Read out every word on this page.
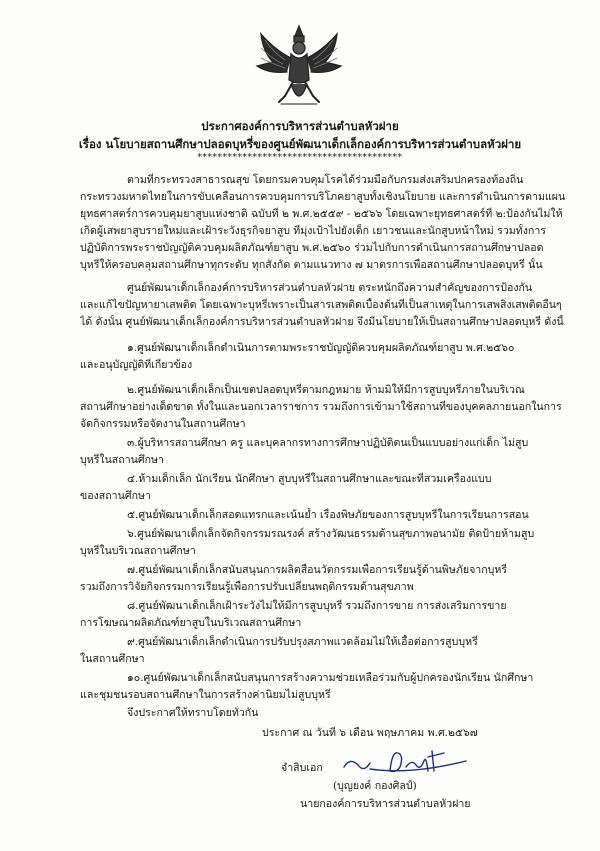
ประกาศองค์การบริหารส่วนตำบลหัวฝาย
เรื่อง นโยบายสถานศึกษาปลอดบุหรี่ของศูนย์พัฒนาเด็กเล็กองค์การบริหารส่วนตำบลหัวฝาย
*****************************************
ตามที่กระทรวงสาธารณสุข โดยกรมควบคุมโรคได้ร่วมมือกับกรมส่งเสริมปกครองท้องถิ่น
กระทรวงมหาดไทยในการขับเคลื่อนการควบคุมการบริโภคยาสูบทั้งเชิงนโยบาย และการดำเนินการตามแผน
ยุทธศาสตร์การควบคุมยาสูบแห่งชาติ ฉบับที่ ๒ พ.ศ.๒๕๕๙ - ๒๕๖๖ โดยเฉพาะยุทธศาสตร์ที่ ๒:ป้องกันไม่ให้
เกิดผู้เสพยาสูบรายใหม่และเฝ้าระวังธุรกิจยาสูบ ที่มุ่งเป้าไปยังเด็ก เยาวชนและนักสูบหน้าใหม่ รวมทั้งการ
ปฏิบัติการพระราชบัญญัติควบคุมผลิตภัณฑ์ยาสูบ พ.ศ.๒๕๖๐ ร่วมไปกับการดำเนินการสถานศึกษาปลอด
บุหรี่ให้ครอบคลุมสถานศึกษาทุกระดับ ทุกสังกัด ตามแนวทาง ๗ มาตรการเพื่อสถานศึกษาปลอดบุหรี่ นั้น
ศูนย์พัฒนาเด็กเล็กองค์การบริหารส่วนตำบลหัวฝาย ตระหนักถึงความสำคัญของการป้องกัน
และแก้ไขปัญหายาเสพติด โดยเฉพาะบุหรี่เพราะเป็นสารเสพติดเบื้องต้นที่เป็นสาเหตุในการเสพสิ่งเสพติดอื่นๆ
ได้ ดังนั้น ศูนย์พัฒนาเด็กเล็กองค์การบริหารส่วนตำบลหัวฝาย จึงมีนโยบายให้เป็นสถานศึกษาปลอดบุหรี่ ดังนี้
๑.ศูนย์พัฒนาเด็กเล็กดำเนินการตามพระราชบัญญัติควบคุมผลิตภัณฑ์ยาสูบ พ.ศ.๒๕๖๐
และอนุบัญญัติที่เกี่ยวข้อง
๒.ศูนย์พัฒนาเด็กเล็กเป็นเขตปลอดบุหรี่ตามกฎหมาย ห้ามมิให้มีการสูบบุหรี่ภายในบริเวณ
สถานศึกษาอย่างเด็ดขาด ทั้งในและนอกเวลาราชการ รวมถึงการเข้ามาใช้สถานที่ของบุคคลภายนอกในการ
จัดกิจกรรมหรือจัดงานในสถานศึกษา
๓.ผู้บริหารสถานศึกษา ครู และบุคลากรทางการศึกษาปฏิบัติตนเป็นแบบอย่างแก่เด็ก ไม่สูบ
บุหรี่ในสถานศึกษา
๔.ห้ามเด็กเล็ก นักเรียน นักศึกษา สูบบุหรี่ในสถานศึกษาและขณะที่สวมเครื่องแบบ
ของสถานศึกษา
๕.ศูนย์พัฒนาเด็กเล็กสอดแทรกและเน้นย้ำ เรื่องพิษภัยของการสูบบุหรี่ในการเรียนการสอน
๖.ศูนย์พัฒนาเด็กเล็กจัดกิจกรรมรณรงค์ สร้างวัฒนธรรมด้านสุขภาพอนามัย ติดป้ายห้ามสูบ
บุหรี่ในบริเวณสถานศึกษา
๗.ศูนย์พัฒนาเด็กเล็กสนับสนุนการผลิตสื่อนวัตกรรมเพื่อการเรียนรู้ด้านพิษภัยจากบุหรี่
รวมถึงการวิจัยกิจกรรมการเรียนรู้เพื่อการปรับเปลี่ยนพฤติกรรมด้านสุขภาพ
๘.ศูนย์พัฒนาเด็กเล็กเฝ้าระวังไม่ให้มีการสูบบุหรี่ รวมถึงการขาย การส่งเสริมการขาย
การโฆษณาผลิตภัณฑ์ยาสูบในบริเวณสถานศึกษา
๙.ศูนย์พัฒนาเด็กเล็กดำเนินการปรับปรุงสภาพแวดล้อมไม่ให้เอื้อต่อการสูบบุหรี่
ในสถานศึกษา
๑๐.ศูนย์พัฒนาเด็กเล็กสนับสนุนการสร้างความช่วยเหลือร่วมกับผู้ปกครองนักเรียน นักศึกษา
และชุมชนรอบสถานศึกษาในการสร้างค่านิยมไม่สูบบุหรี่
จึงประกาศให้ทราบโดยทั่วกัน
ประกาศ ณ วันที่ ๖ เดือน พฤษภาคม พ.ศ.๒๕๖๗
จำสิบเอก
(บุญยงค์ กองศิลป์)
นายกองค์การบริหารส่วนตำบลหัวฝาย
